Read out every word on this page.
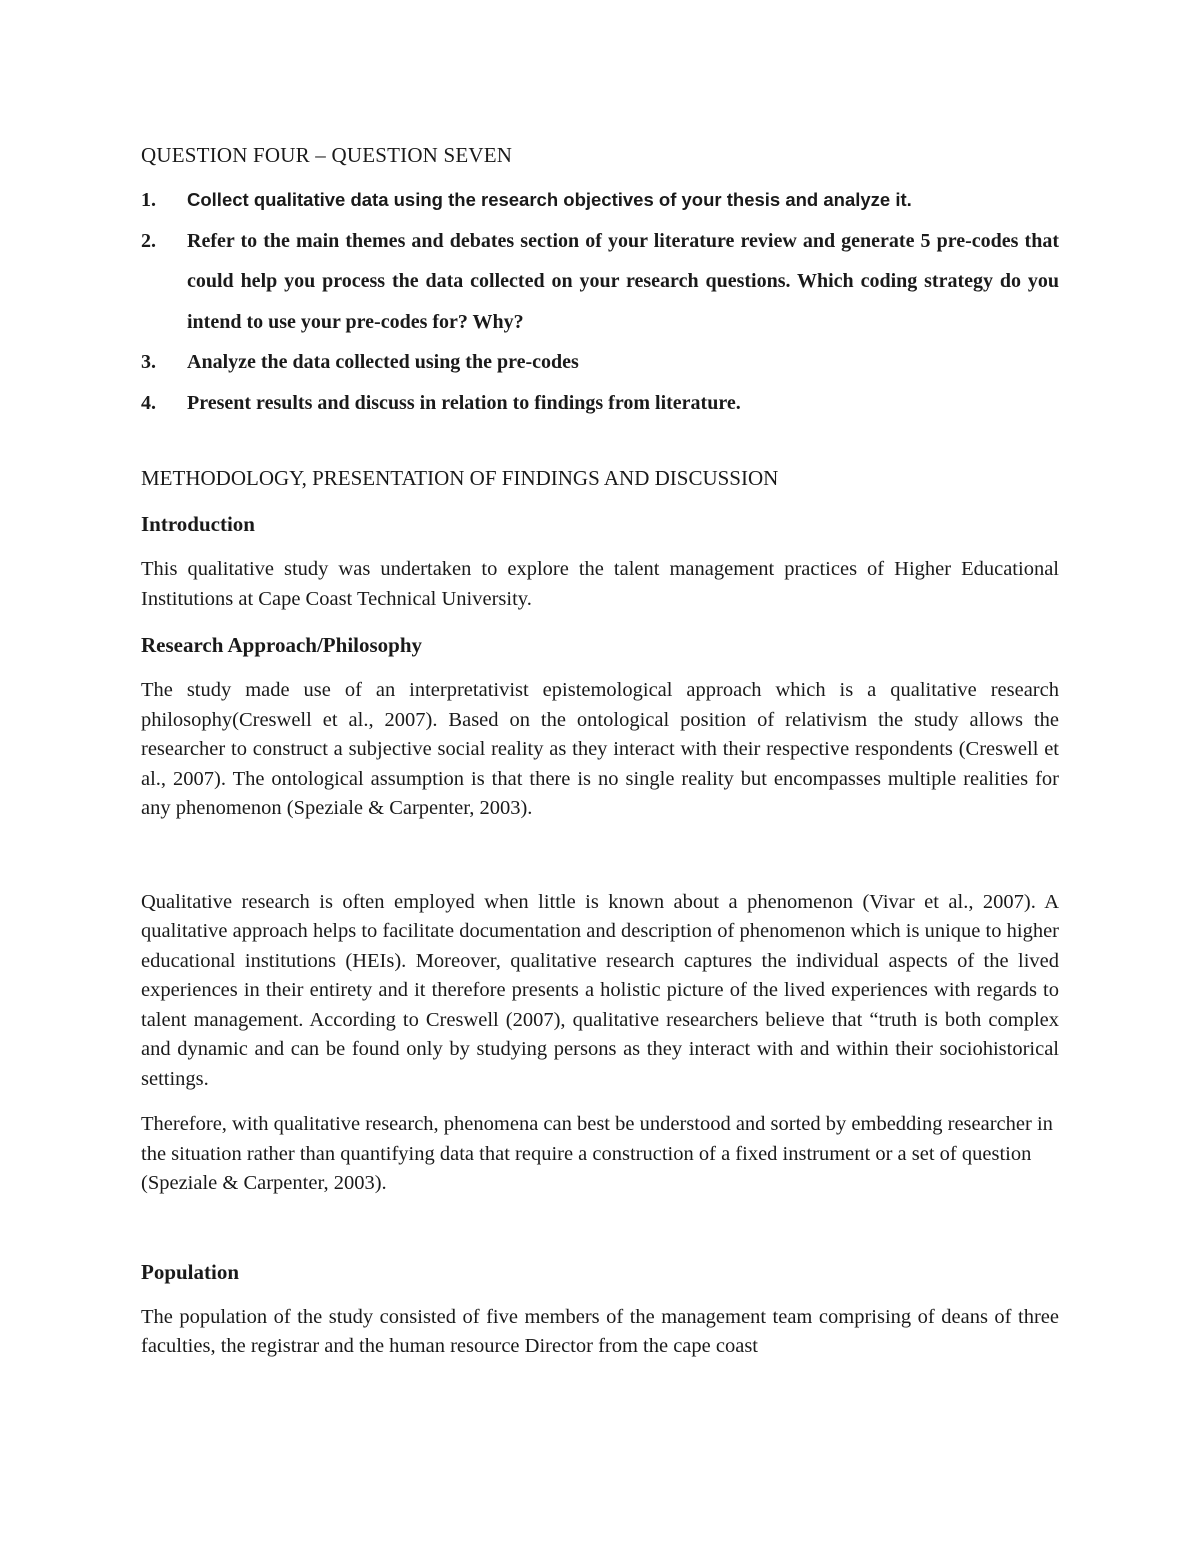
QUESTION FOUR – QUESTION SEVEN

1.	Collect qualitative data using the research objectives of your thesis and analyze it.
2.	Refer to the main themes and debates section of your literature review and generate 5 pre-codes that could help you process the data collected on your research questions. Which coding strategy do you intend to use your pre-codes for? Why?
3.	Analyze the data collected using the pre-codes
4.	Present results and discuss in relation to findings from literature.

METHODOLOGY, PRESENTATION OF FINDINGS AND DISCUSSION

Introduction

This qualitative study was undertaken to explore the talent management practices of Higher Educational Institutions at Cape Coast Technical University.

Research Approach/Philosophy

The study made use of an interpretativist epistemological approach which is a qualitative research philosophy(Creswell et al., 2007). Based on the ontological position of relativism the study allows the researcher to construct a subjective social reality as they interact with their respective respondents (Creswell et al., 2007). The ontological assumption is that there is no single reality but encompasses multiple realities for any phenomenon (Speziale & Carpenter, 2003).

Qualitative research is often employed when little is known about a phenomenon (Vivar et al., 2007). A qualitative approach helps to facilitate documentation and description of phenomenon which is unique to higher educational institutions (HEIs). Moreover, qualitative research captures the individual aspects of the lived experiences in their entirety and it therefore presents a holistic picture of the lived experiences with regards to talent management. According to Creswell (2007), qualitative researchers believe that “truth is both complex and dynamic and can be found only by studying persons as they interact with and within their sociohistorical settings.

Therefore, with qualitative research, phenomena can best be understood and sorted by embedding researcher in the situation rather than quantifying data that require a construction of a fixed instrument or a set of question (Speziale & Carpenter, 2003).

Population

The population of the study consisted of five members of the management team comprising of deans of three faculties, the registrar and the human resource Director from the cape coast
